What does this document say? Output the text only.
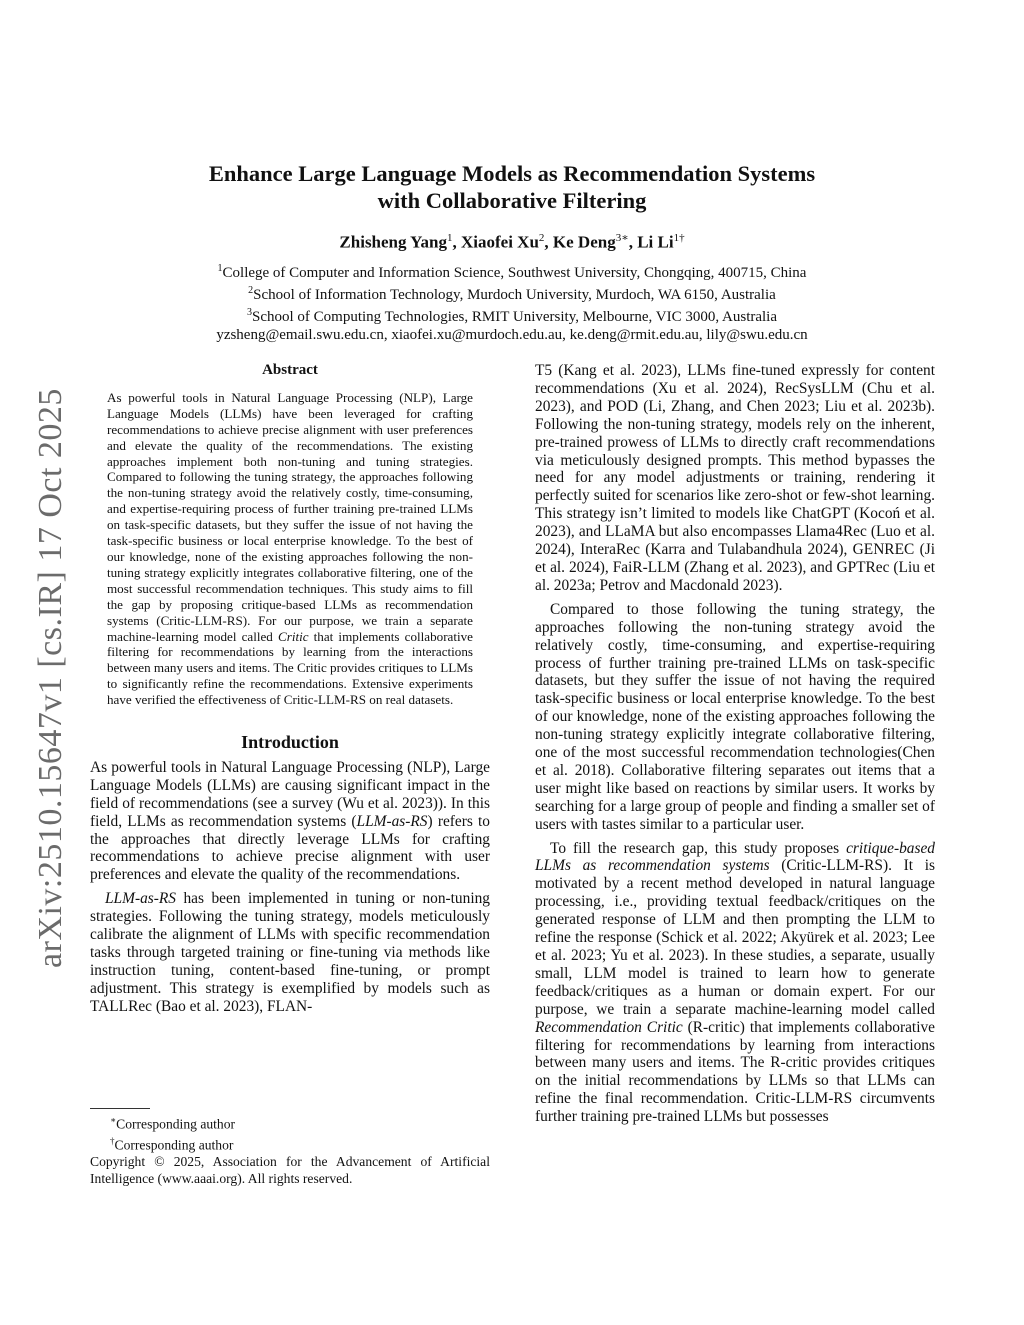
arXiv:2510.15647v1 [cs.IR] 17 Oct 2025
Enhance Large Language Models as Recommendation Systems
with Collaborative Filtering
Zhisheng Yang$^1$, Xiaofei Xu$^2$, Ke Deng$^{3∗}$, Li $Li^{1\dagger}$
$^1$College of Computer and Information Science, Southwest University, Chongqing, 400715, China
$^2$School of Information Technology, Murdoch University, Murdoch, WA 6150, Australia
$^3$School of Computing Technologies, RMIT University, Melbourne, VIC 3000, Australia
yzsheng@email.swu.edu.cn, xiaofei.xu@murdoch.edu.au, ke.deng@rmit.edu.au, lily@swu.edu.cn
Abstract

As powerful tools in Natural Language Processing (NLP), Large Language Models (LLMs) have been leveraged for crafting recommendations to achieve precise alignment with user preferences and elevate the quality of the recommendations. The existing approaches implement both non-tuning and tuning strategies. Compared to following the tuning strategy, the approaches following the non-tuning strategy avoid the relatively costly, time-consuming, and expertise-requiring process of further training pre-trained LLMs on task-specific datasets, but they suffer the issue of not having the task-specific business or local enterprise knowledge. To the best of our knowledge, none of the existing approaches following the non-tuning strategy explicitly integrates collaborative filtering, one of the most successful recommendation techniques. This study aims to fill the gap by proposing critique-based LLMs as recommendation systems (Critic-LLM-RS). For our purpose, we train a separate machine-learning model called Critic that implements collaborative filtering for recommendations by learning from the interactions between many users and items. The Critic provides critiques to LLMs to significantly refine the recommendations. Extensive experiments have verified the effectiveness of Critic-LLM-RS on real datasets.

Introduction

As powerful tools in Natural Language Processing (NLP), Large Language Models (LLMs) are causing significant impact in the field of recommendations (see a survey (Wu et al. 2023)). In this field, LLMs as recommendation systems (LLM-as-RS) refers to the approaches that directly leverage LLMs for crafting recommendations to achieve precise alignment with user preferences and elevate the quality of the recommendations.

LLM-as-RS has been implemented in tuning or non-tuning strategies. Following the tuning strategy, models meticulously calibrate the alignment of LLMs with specific recommendation tasks through targeted training or fine-tuning via methods like instruction tuning, content-based fine-tuning, or prompt adjustment. This strategy is exemplified by models such as TALLRec (Bao et al. 2023), FLAN-

∗Corresponding author
†Corresponding author
Copyright © 2025, Association for the Advancement of Artificial Intelligence (www.aaai.org). All rights reserved.

T5 (Kang et al. 2023), LLMs fine-tuned expressly for content recommendations (Xu et al. 2024), RecSysLLM (Chu et al. 2023), and POD (Li, Zhang, and Chen 2023; Liu et al. 2023b). Following the non-tuning strategy, models rely on the inherent, pre-trained prowess of LLMs to directly craft recommendations via meticulously designed prompts. This method bypasses the need for any model adjustments or training, rendering it perfectly suited for scenarios like zero-shot or few-shot learning. This strategy isn’t limited to models like ChatGPT (Kocoń et al. 2023), and LLaMA but also encompasses Llama4Rec (Luo et al. 2024), InteraRec (Karra and Tulabandhula 2024), GENREC (Ji et al. 2024), FaiR-LLM (Zhang et al. 2023), and GPTRec (Liu et al. 2023a; Petrov and Macdonald 2023).

Compared to those following the tuning strategy, the approaches following the non-tuning strategy avoid the relatively costly, time-consuming, and expertise-requiring process of further training pre-trained LLMs on task-specific datasets, but they suffer the issue of not having the required task-specific business or local enterprise knowledge. To the best of our knowledge, none of the existing approaches following the non-tuning strategy explicitly integrate collaborative filtering, one of the most successful recommendation technologies(Chen et al. 2018). Collaborative filtering separates out items that a user might like based on reactions by similar users. It works by searching for a large group of people and finding a smaller set of users with tastes similar to a particular user.

To fill the research gap, this study proposes critique-based LLMs as recommendation systems (Critic-LLM-RS). It is motivated by a recent method developed in natural language processing, i.e., providing textual feedback/critiques on the generated response of LLM and then prompting the LLM to refine the response (Schick et al. 2022; Akyürek et al. 2023; Lee et al. 2023; Yu et al. 2023). In these studies, a separate, usually small, LLM model is trained to learn how to generate feedback/critiques as a human or domain expert. For our purpose, we train a separate machine-learning model called Recommendation Critic (R-critic) that implements collaborative filtering for recommendations by learning from interactions between many users and items. The R-critic provides critiques on the initial recommendations by LLMs so that LLMs can refine the final recommendation. Critic-LLM-RS circumvents further training pre-trained LLMs but possesses
